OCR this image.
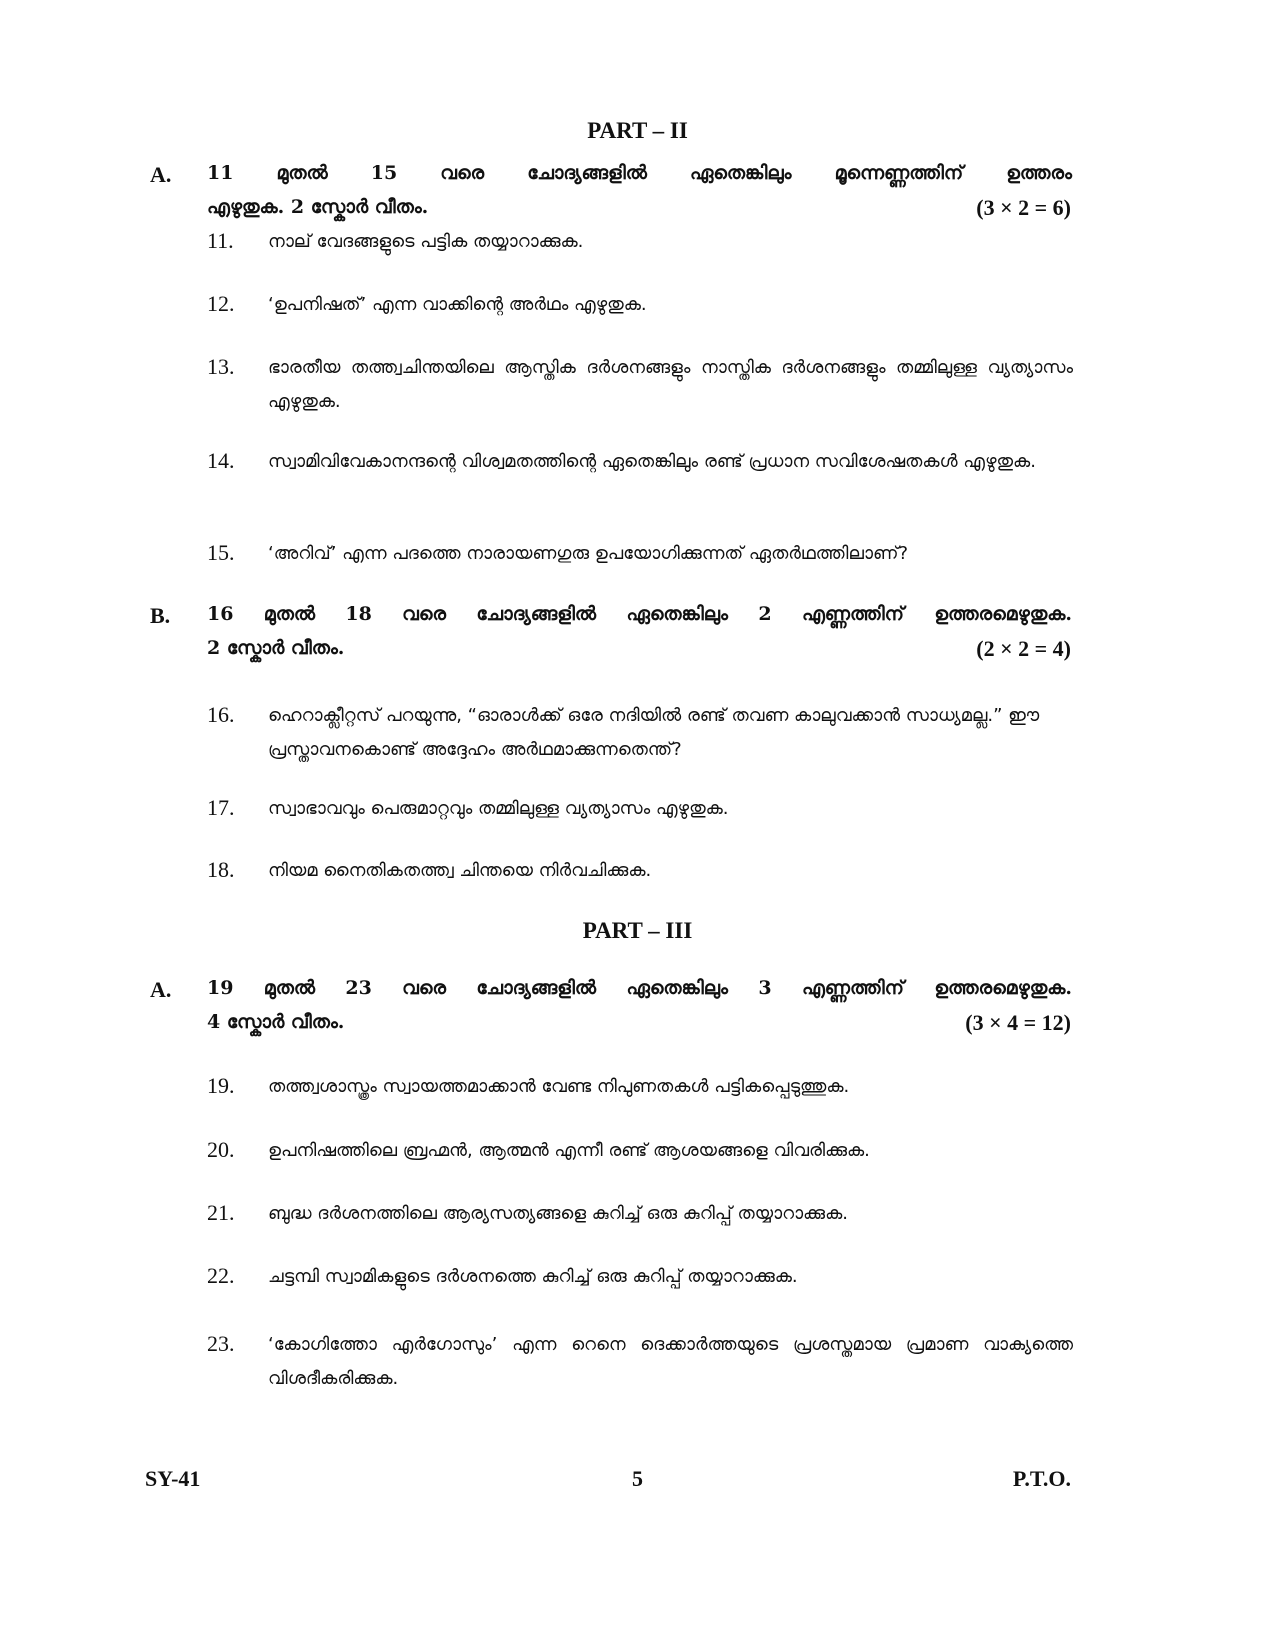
PART – II
A. 11 മുതൽ 15 വരെ ചോദ്യങ്ങളിൽ ഏതെങ്കിലും മൂന്നെണ്ണത്തിന് ഉത്തരം
എഴുതുക. 2 സ്കോർ വീതം.	(3 × 2 = 6)
11. നാല് വേദങ്ങളുടെ പട്ടിക തയ്യാറാക്കുക.
12. ‘ഉപനിഷത്’ എന്ന വാക്കിന്റെ അർഥം എഴുതുക.
13. ഭാരതീയ തത്ത്വചിന്തയിലെ ആസ്തിക ദർശനങ്ങളും നാസ്തിക ദർശനങ്ങളും തമ്മിലുള്ള വ്യത്യാസം എഴുതുക.
14. സ്വാമിവിവേകാനന്ദന്റെ വിശ്വമതത്തിന്റെ ഏതെങ്കിലും രണ്ട് പ്രധാന സവിശേഷതകൾ എഴുതുക.
15. ‘അറിവ്’ എന്ന പദത്തെ നാരായണഗുരു ഉപയോഗിക്കുന്നത് ഏതർഥത്തിലാണ്?
B. 16 മുതൽ 18 വരെ ചോദ്യങ്ങളിൽ ഏതെങ്കിലും 2 എണ്ണത്തിന് ഉത്തരമെഴുതുക.
2 സ്കോർ വീതം.	(2 × 2 = 4)
16. ഹെറാക്ലീറ്റസ് പറയുന്നു, “ഓരാൾക്ക് ഒരേ നദിയിൽ രണ്ട് തവണ കാലുവക്കാൻ സാധ്യമല്ല.” ഈ പ്രസ്താവനകൊണ്ട് അദ്ദേഹം അർഥമാക്കുന്നതെന്ത്?
17. സ്വാഭാവവും പെരുമാറ്റവും തമ്മിലുള്ള വ്യത്യാസം എഴുതുക.
18. നിയമ നൈതികതത്ത്വ ചിന്തയെ നിർവചിക്കുക.
PART – III
A. 19 മുതൽ 23 വരെ ചോദ്യങ്ങളിൽ ഏതെങ്കിലും 3 എണ്ണത്തിന് ഉത്തരമെഴുതുക.
4 സ്കോർ വീതം.	(3 × 4 = 12)
19. തത്ത്വശാസ്ത്രം സ്വായത്തമാക്കാൻ വേണ്ട നിപുണതകൾ പട്ടികപ്പെടുത്തുക.
20. ഉപനിഷത്തിലെ ബ്രഹ്മൻ, ആത്മൻ എന്നീ രണ്ട് ആശയങ്ങളെ വിവരിക്കുക.
21. ബുദ്ധ ദർശനത്തിലെ ആര്യസത്യങ്ങളെ കുറിച്ച് ഒരു കുറിപ്പ് തയ്യാറാക്കുക.
22. ചട്ടമ്പി സ്വാമികളുടെ ദർശനത്തെ കുറിച്ച് ഒരു കുറിപ്പ് തയ്യാറാക്കുക.
23. ‘കോഗിത്തോ എർഗോസും’ എന്ന റെനെ ദെക്കാർത്തയുടെ പ്രശസ്തമായ പ്രമാണ വാക്യത്തെ വിശദീകരിക്കുക.
SY-41	5	P.T.O.
